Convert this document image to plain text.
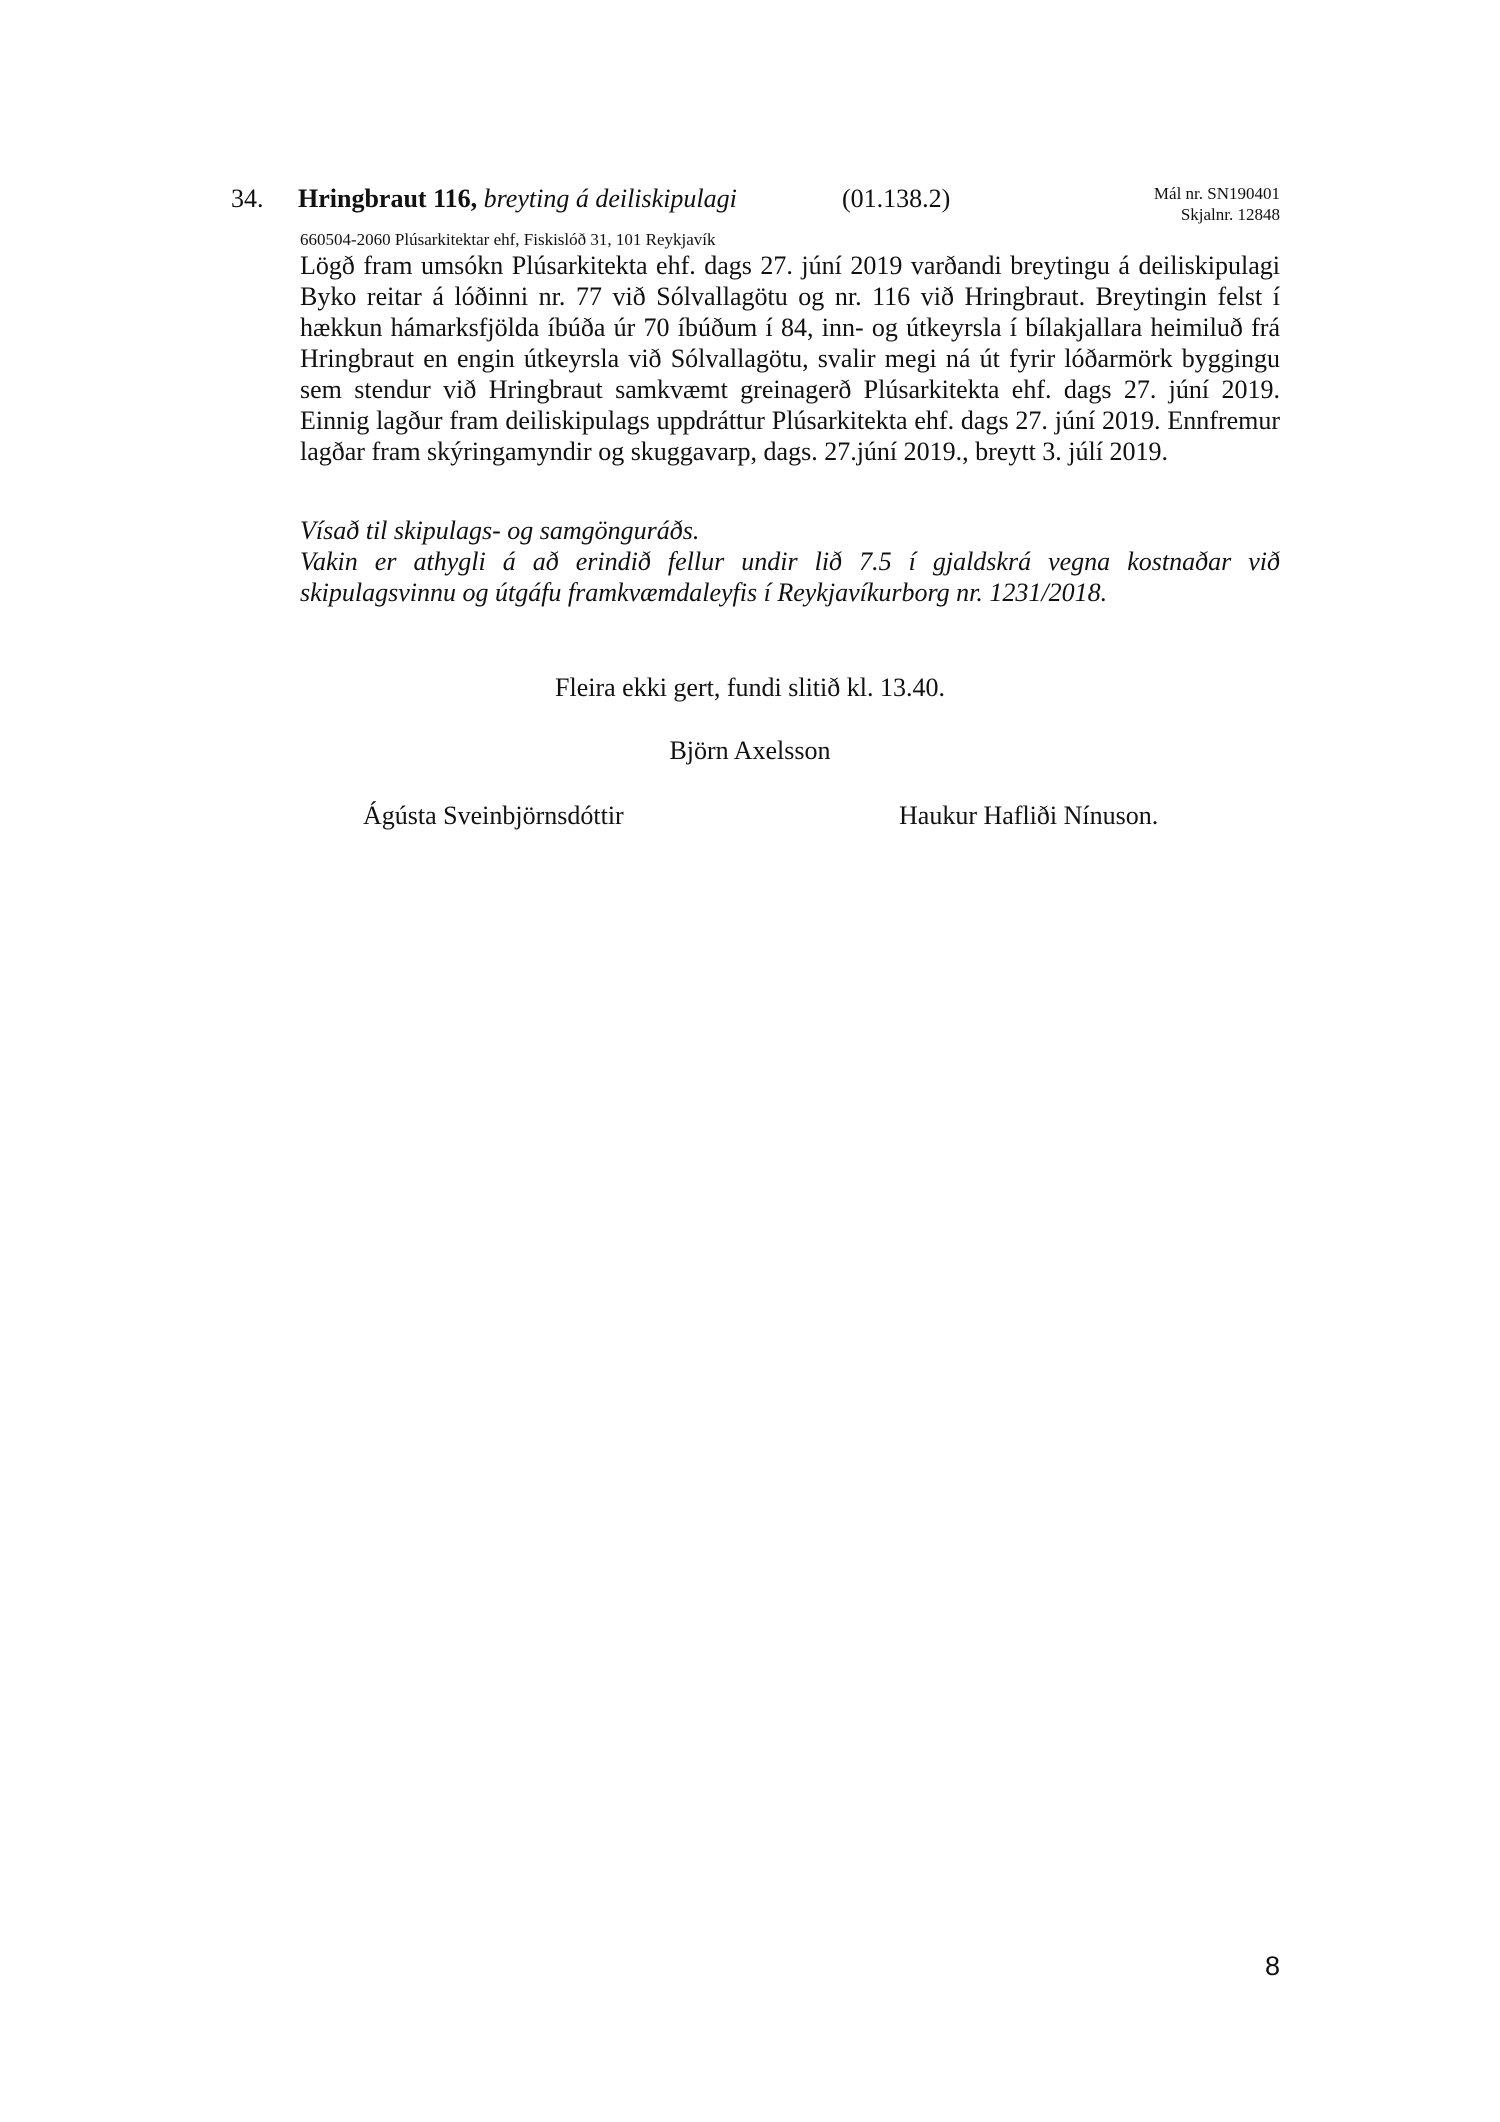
34. Hringbraut 116, breyting á deiliskipulagi	(01.138.2)	Mál nr. SN190401
Skjalnr. 12848
660504-2060 Plúsarkitektar ehf, Fiskislóð 31, 101 Reykjavík

Lögð fram umsókn Plúsarkitekta ehf. dags 27. júní 2019 varðandi breytingu á deiliskipulagi Byko reitar á lóðinni nr. 77 við Sólvallagötu og nr. 116 við Hringbraut. Breytingin felst í hækkun hámarksfjölda íbúða úr 70 íbúðum í 84, inn- og útkeyrsla í bílakjallara heimiluð frá Hringbraut en engin útkeyrsla við Sólvallagötu, svalir megi ná út fyrir lóðarmörk byggingu sem stendur við Hringbraut samkvæmt greinagerð Plúsarkitekta ehf. dags 27. júní 2019. Einnig lagður fram deiliskipulags uppdráttur Plúsarkitekta ehf. dags 27. júní 2019. Ennfremur lagðar fram skýringamyndir og skuggavarp, dags. 27.júní 2019., breytt 3. júlí 2019.

Vísað til skipulags- og samgönguráðs.

Vakin er athygli á að erindið fellur undir lið 7.5 í gjaldskrá vegna kostnaðar við skipulagsvinnu og útgáfu framkvæmdaleyfis í Reykjavíkurborg nr. 1231/2018.

Fleira ekki gert, fundi slitið kl. 13.40.
Björn Axelsson
Ágústa Sveinbjörnsdóttir	Haukur Hafliði Nínuson.
8
